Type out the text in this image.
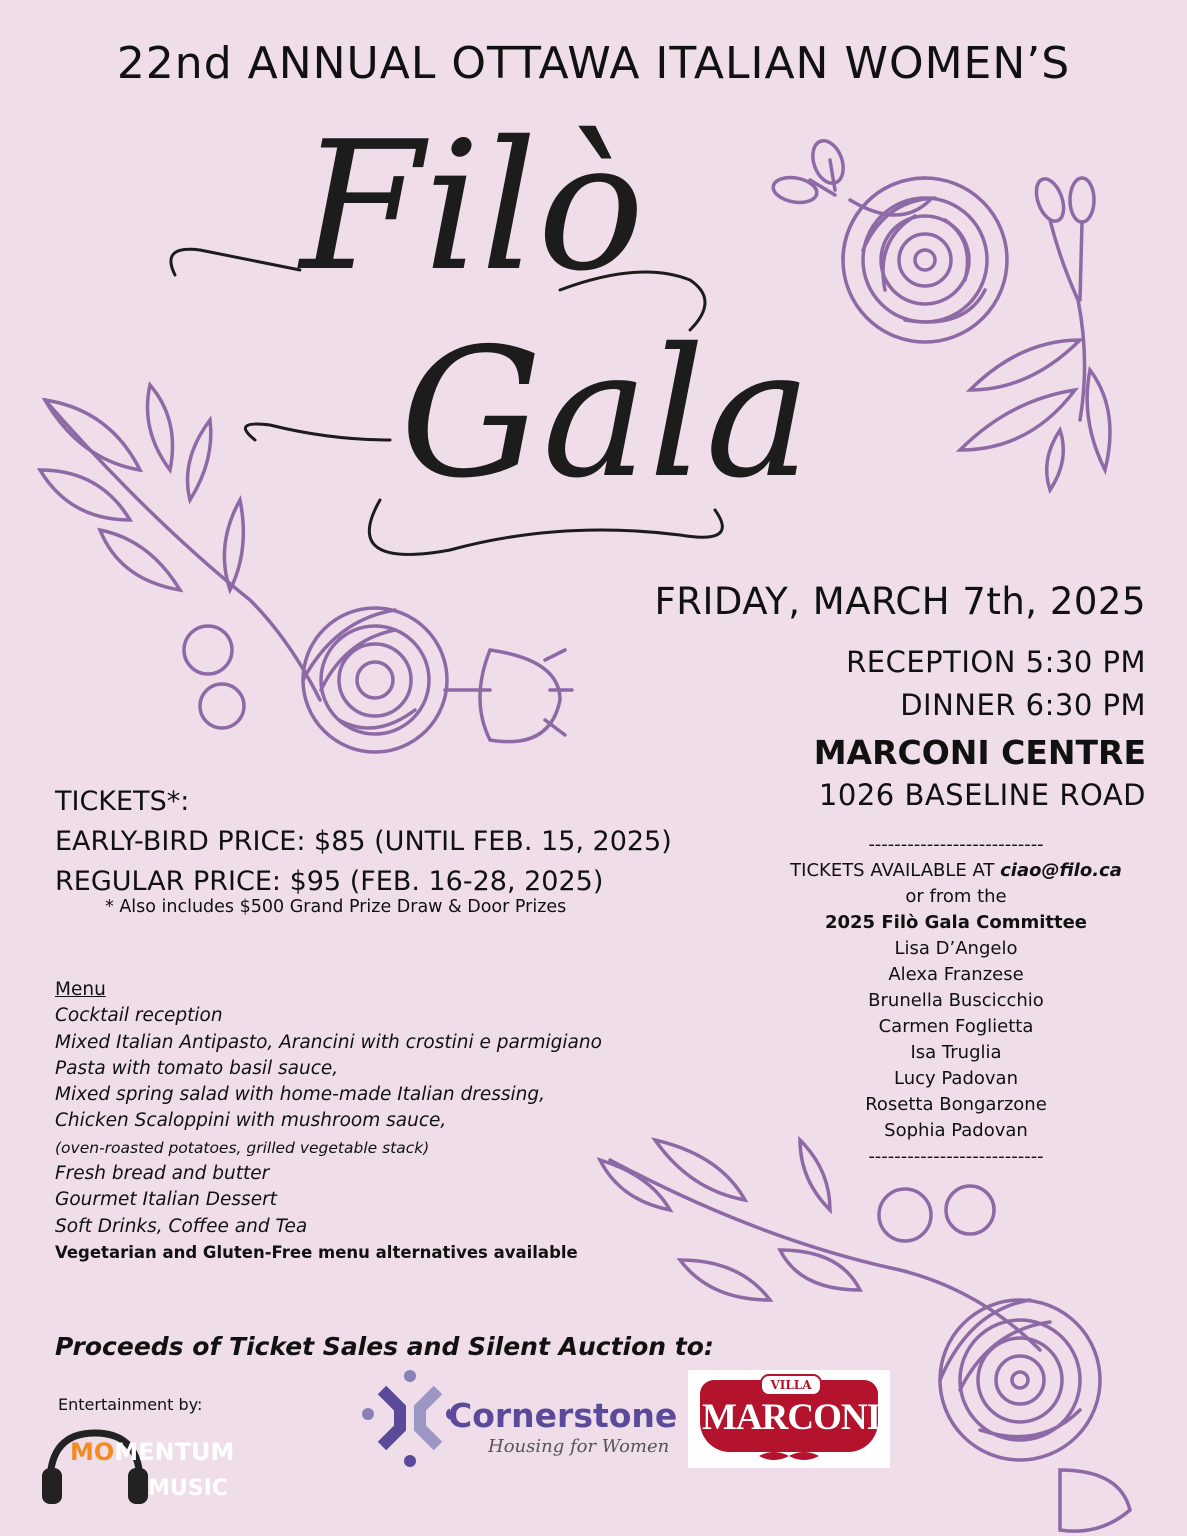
22nd ANNUAL OTTAWA ITALIAN WOMEN’S
Filò
Gala
FRIDAY, MARCH 7th, 2025
RECEPTION 5:30 PM
DINNER 6:30 PM
MARCONI CENTRE
1026 BASELINE ROAD
TICKETS*:
EARLY-BIRD PRICE: $85 (UNTIL FEB. 15, 2025)
REGULAR PRICE: $95 (FEB. 16-28, 2025)
* Also includes $500 Grand Prize Draw & Door Prizes
Menu
Cocktail reception
Mixed Italian Antipasto, Arancini with crostini e parmigiano
Pasta with tomato basil sauce,
Mixed spring salad with home-made Italian dressing,
Chicken Scaloppini with mushroom sauce,
(oven-roasted potatoes, grilled vegetable stack)
Fresh bread and butter
Gourmet Italian Dessert
Soft Drinks, Coffee and Tea
Vegetarian and Gluten-Free menu alternatives available
---------------------------
TICKETS AVAILABLE AT ciao@filo.ca
or from the
2025 Filò Gala Committee
Lisa D’Angelo
Alexa Franzese
Brunella Buscicchio
Carmen Foglietta
Isa Truglia
Lucy Padovan
Rosetta Bongarzone
Sophia Padovan
---------------------------
Proceeds of Ticket Sales and Silent Auction to:
Entertainment by:
MOMENTUM
MUSIC
Cornerstone
Housing for Women
VILLA
MARCONI
